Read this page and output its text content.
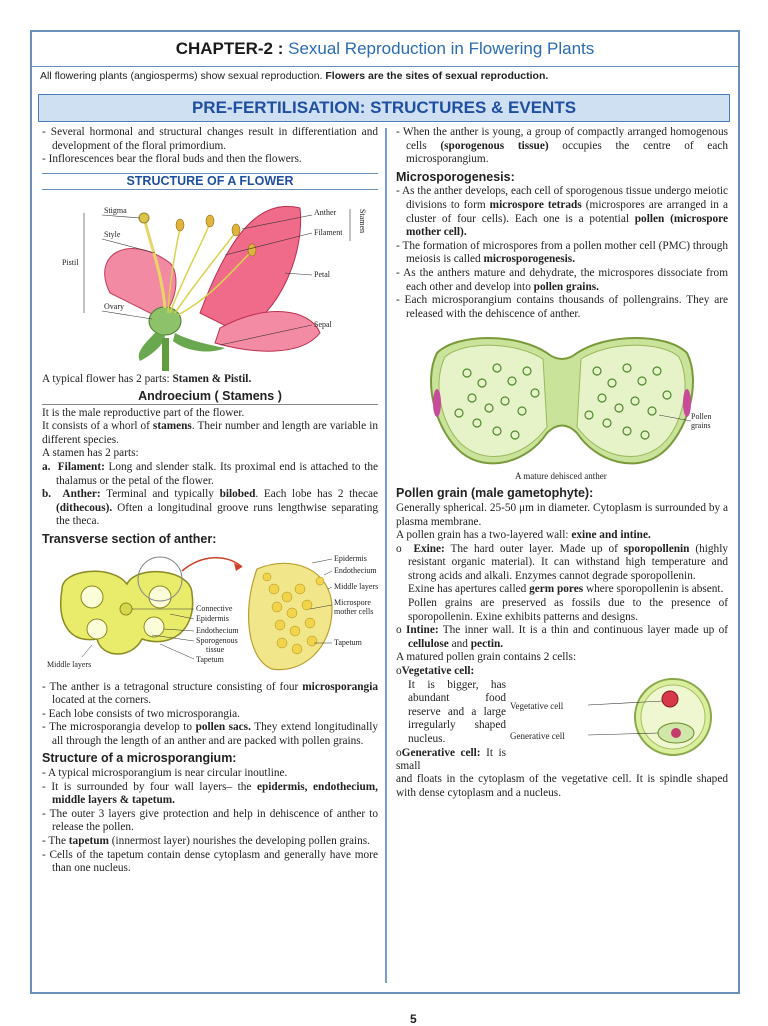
CHAPTER-2 : Sexual Reproduction in Flowering Plants
All flowering plants (angiosperms) show sexual reproduction. Flowers are the sites of sexual reproduction.
PRE-FERTILISATION: STRUCTURES & EVENTS

- Several hormonal and structural changes result in differentiation and development of the floral primordium.

- Inflorescences bear the floral buds and then the flowers.

STRUCTURE OF A FLOWER
Stigma
Style
Pistil
Ovary
Anther
Filament Stamen
Petal
Sepal

A typical flower has 2 parts: Stamen & Pistil.

Androecium ( Stamens )

It is the male reproductive part of the flower.

It consists of a whorl of stamens. Their number and length are variable in different species.

A stamen has 2 parts:

a. Filament: Long and slender stalk. Its proximal end is attached to the thalamus or the petal of the flower.

b. Anther: Terminal and typically bilobed. Each lobe has 2 thecae (dithecous). Often a longitudinal groove runs lengthwise separating the theca.

Transverse section of anther:
Connective
Epidermis
Endothecium
Sporogenous
tissue
Tapetum
Middle layers
Epidermis
Endothecium
Middle layers
Microspore
mother cells
Tapetum

- The anther is a tetragonal structure consisting of four microsporangia located at the corners.

- Each lobe consists of two microsporangia.

- The microsporangia develop to pollen sacs. They extend longitudinally all through the length of an anther and are packed with pollen grains.

Structure of a microsporangium:

- A typical microsporangium is near circular inoutline.

- It is surrounded by four wall layers– the epidermis, endothecium, middle layers & tapetum.

- The outer 3 layers give protection and help in dehiscence of anther to release the pollen.

- The tapetum (innermost layer) nourishes the developing pollen grains.

- Cells of the tapetum contain dense cytoplasm and generally have more than one nucleus.

- When the anther is young, a group of compactly arranged homogenous cells (sporogenous tissue) occupies the centre of each microsporangium.

Microsporogenesis:

- As the anther develops, each cell of sporogenous tissue undergo meiotic divisions to form microspore tetrads (microspores are arranged in a cluster of four cells). Each one is a potential pollen (microspore mother cell).

- The formation of microspores from a pollen mother cell (PMC) through meiosis is called microsporogenesis.

- As the anthers mature and dehydrate, the microspores dissociate from each other and develop into pollen grains.

- Each microsporangium contains thousands of pollengrains. They are released with the dehiscence of anther.

Pollen
grains
A mature dehisced anther
Pollen grain (male gametophyte):

Generally spherical. 25-50 μm in diameter. Cytoplasm is surrounded by a plasma membrane.

A pollen grain has a two-layered wall: exine and intine.

o Exine: The hard outer layer. Made up of sporopollenin (highly resistant organic material). It can withstand high temperature and strong acids and alkali. Enzymes cannot degrade sporopollenin.

Exine has apertures called germ pores where sporopollenin is absent.

Pollen grains are preserved as fossils due to the presence of sporopollenin. Exine exhibits patterns and designs.

o Intine: The inner wall. It is a thin and continuous layer made up of cellulose and pectin.

A matured pollen grain contains 2 cells:

oVegetative cell:

It is bigger, has abundant food reserve and a large irregularly shaped nucleus.

oGenerative cell: It is small

Vegetative cell
Generative cell

and floats in the cytoplasm of the vegetative cell. It is spindle shaped with dense cytoplasm and a nucleus.

5
